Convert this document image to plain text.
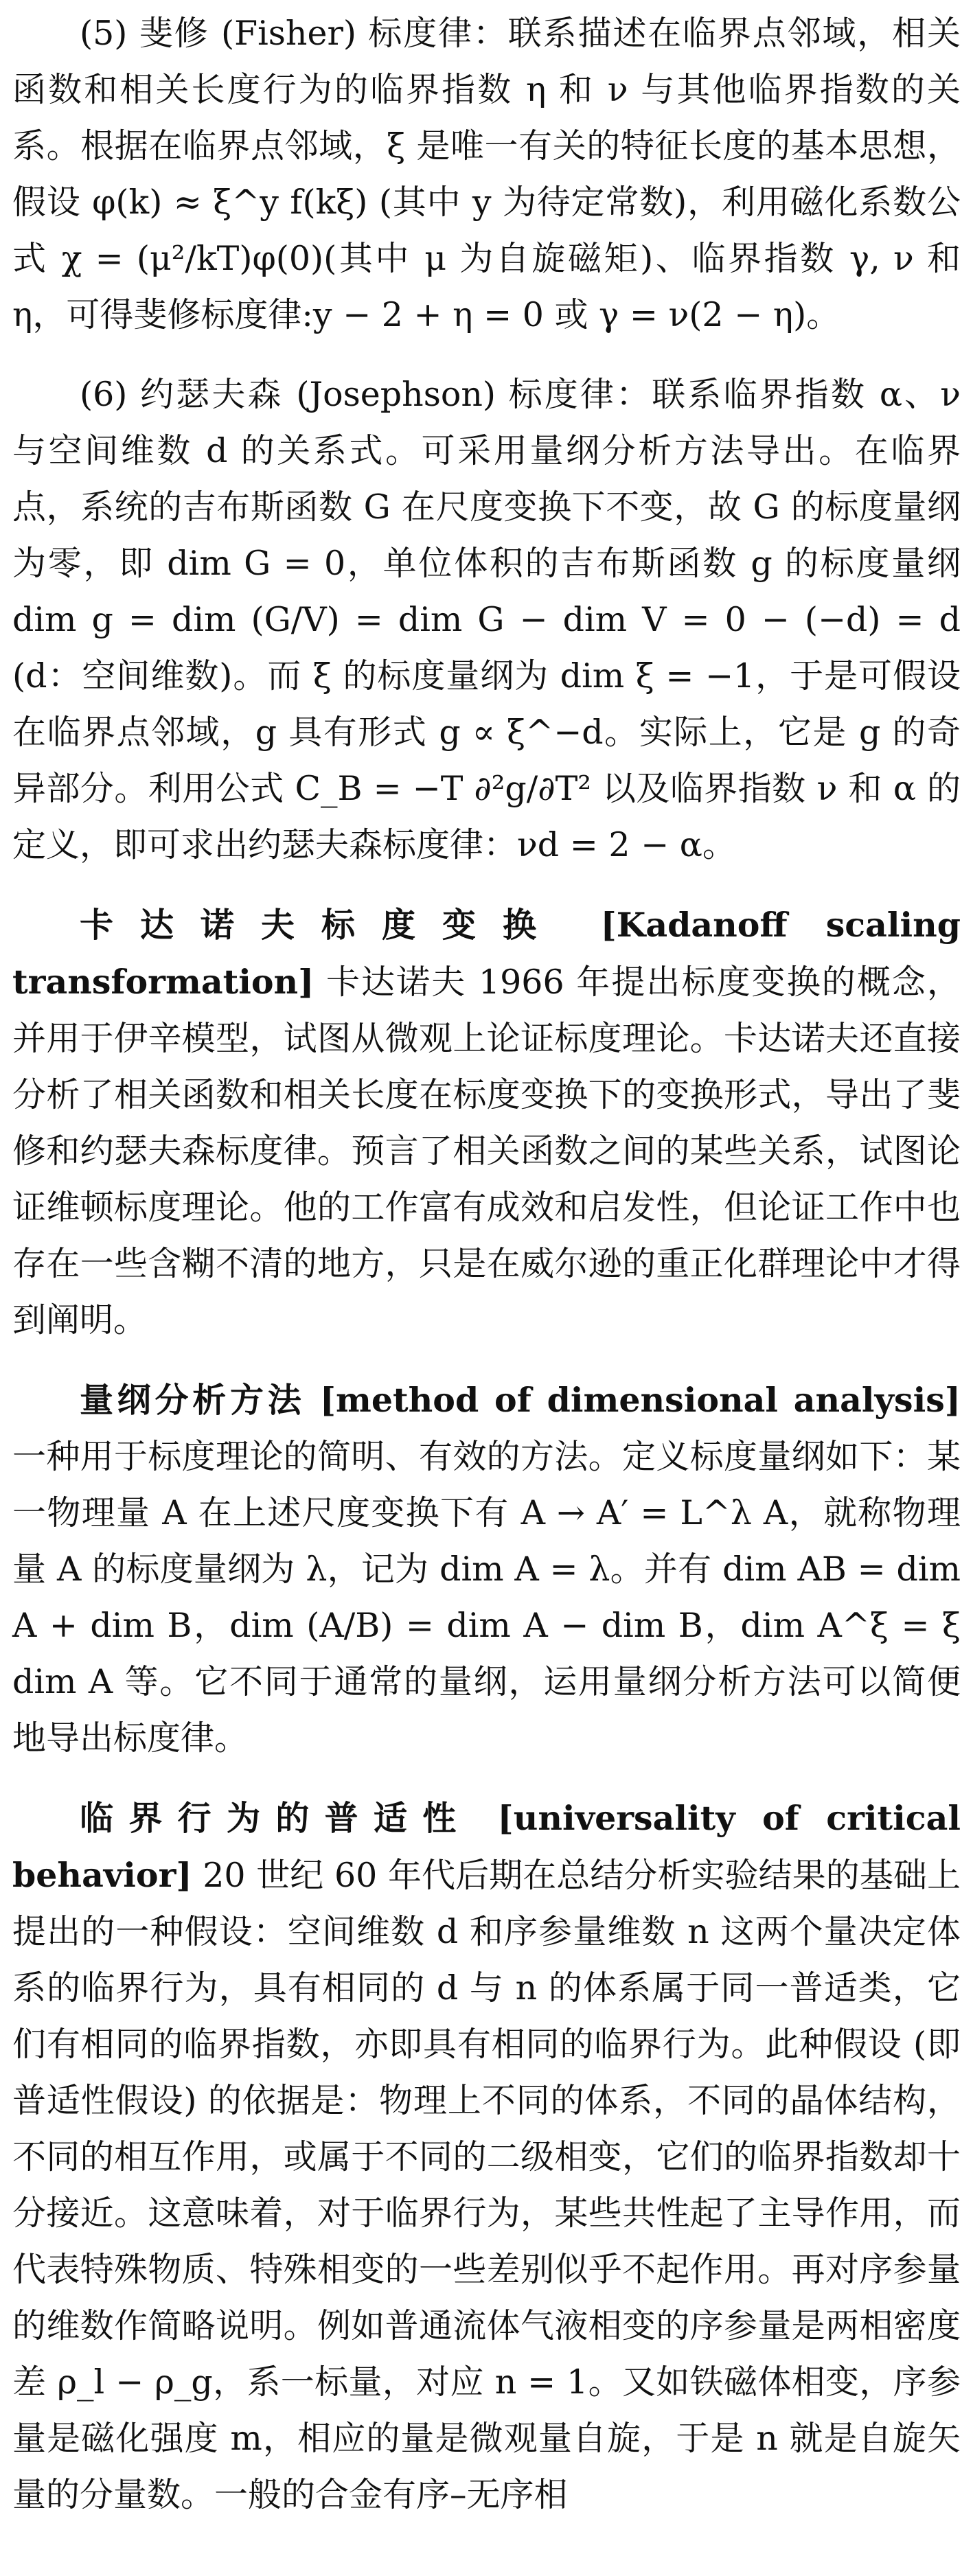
(5) 斐修 (Fisher) 标度律：联系描述在临界点邻域，相关函数和相关长度行为的临界指数 η 和 ν 与其他临界指数的关系。根据在临界点邻域，ξ 是唯一有关的特征长度的基本思想，假设 φ(k) ≈ ξ^y f(kξ) (其中 y 为待定常数)，利用磁化系数公式 χ = (μ²/kT)φ(0)(其中 μ 为自旋磁矩)、临界指数 γ, ν 和 η，可得斐修标度律:y − 2 + η = 0 或 γ = ν(2 − η)。

(6) 约瑟夫森 (Josephson) 标度律：联系临界指数 α、ν 与空间维数 d 的关系式。可采用量纲分析方法导出。在临界点，系统的吉布斯函数 G 在尺度变换下不变，故 G 的标度量纲为零，即 dim G = 0，单位体积的吉布斯函数 g 的标度量纲 dim g = dim (G/V) = dim G − dim V = 0 − (−d) = d (d：空间维数)。而 ξ 的标度量纲为 dim ξ = −1，于是可假设在临界点邻域，g 具有形式 g ∝ ξ^−d。实际上，它是 g 的奇异部分。利用公式 C_B = −T ∂²g/∂T² 以及临界指数 ν 和 α 的定义，即可求出约瑟夫森标度律：νd = 2 − α。

卡达诺夫标度变换 [Kadanoff scaling transformation] 卡达诺夫 1966 年提出标度变换的概念，并用于伊辛模型，试图从微观上论证标度理论。卡达诺夫还直接分析了相关函数和相关长度在标度变换下的变换形式，导出了斐修和约瑟夫森标度律。预言了相关函数之间的某些关系，试图论证维顿标度理论。他的工作富有成效和启发性，但论证工作中也存在一些含糊不清的地方，只是在威尔逊的重正化群理论中才得到阐明。

量纲分析方法 [method of dimensional analysis] 一种用于标度理论的简明、有效的方法。定义标度量纲如下：某一物理量 A 在上述尺度变换下有 A → A′ = L^λ A，就称物理量 A 的标度量纲为 λ，记为 dim A = λ。并有 dim AB = dim A + dim B，dim (A/B) = dim A − dim B，dim A^ξ = ξ dim A 等。它不同于通常的量纲，运用量纲分析方法可以简便地导出标度律。

临界行为的普适性 [universality of critical behavior] 20 世纪 60 年代后期在总结分析实验结果的基础上提出的一种假设：空间维数 d 和序参量维数 n 这两个量决定体系的临界行为，具有相同的 d 与 n 的体系属于同一普适类，它们有相同的临界指数，亦即具有相同的临界行为。此种假设 (即普适性假设) 的依据是：物理上不同的体系，不同的晶体结构，不同的相互作用，或属于不同的二级相变，它们的临界指数却十分接近。这意味着，对于临界行为，某些共性起了主导作用，而代表特殊物质、特殊相变的一些差别似乎不起作用。再对序参量的维数作简略说明。例如普通流体气液相变的序参量是两相密度差 ρ_l − ρ_g，系一标量，对应 n = 1。又如铁磁体相变，序参量是磁化强度 m，相应的量是微观量自旋，于是 n 就是自旋矢量的分量数。一般的合金有序–无序相
